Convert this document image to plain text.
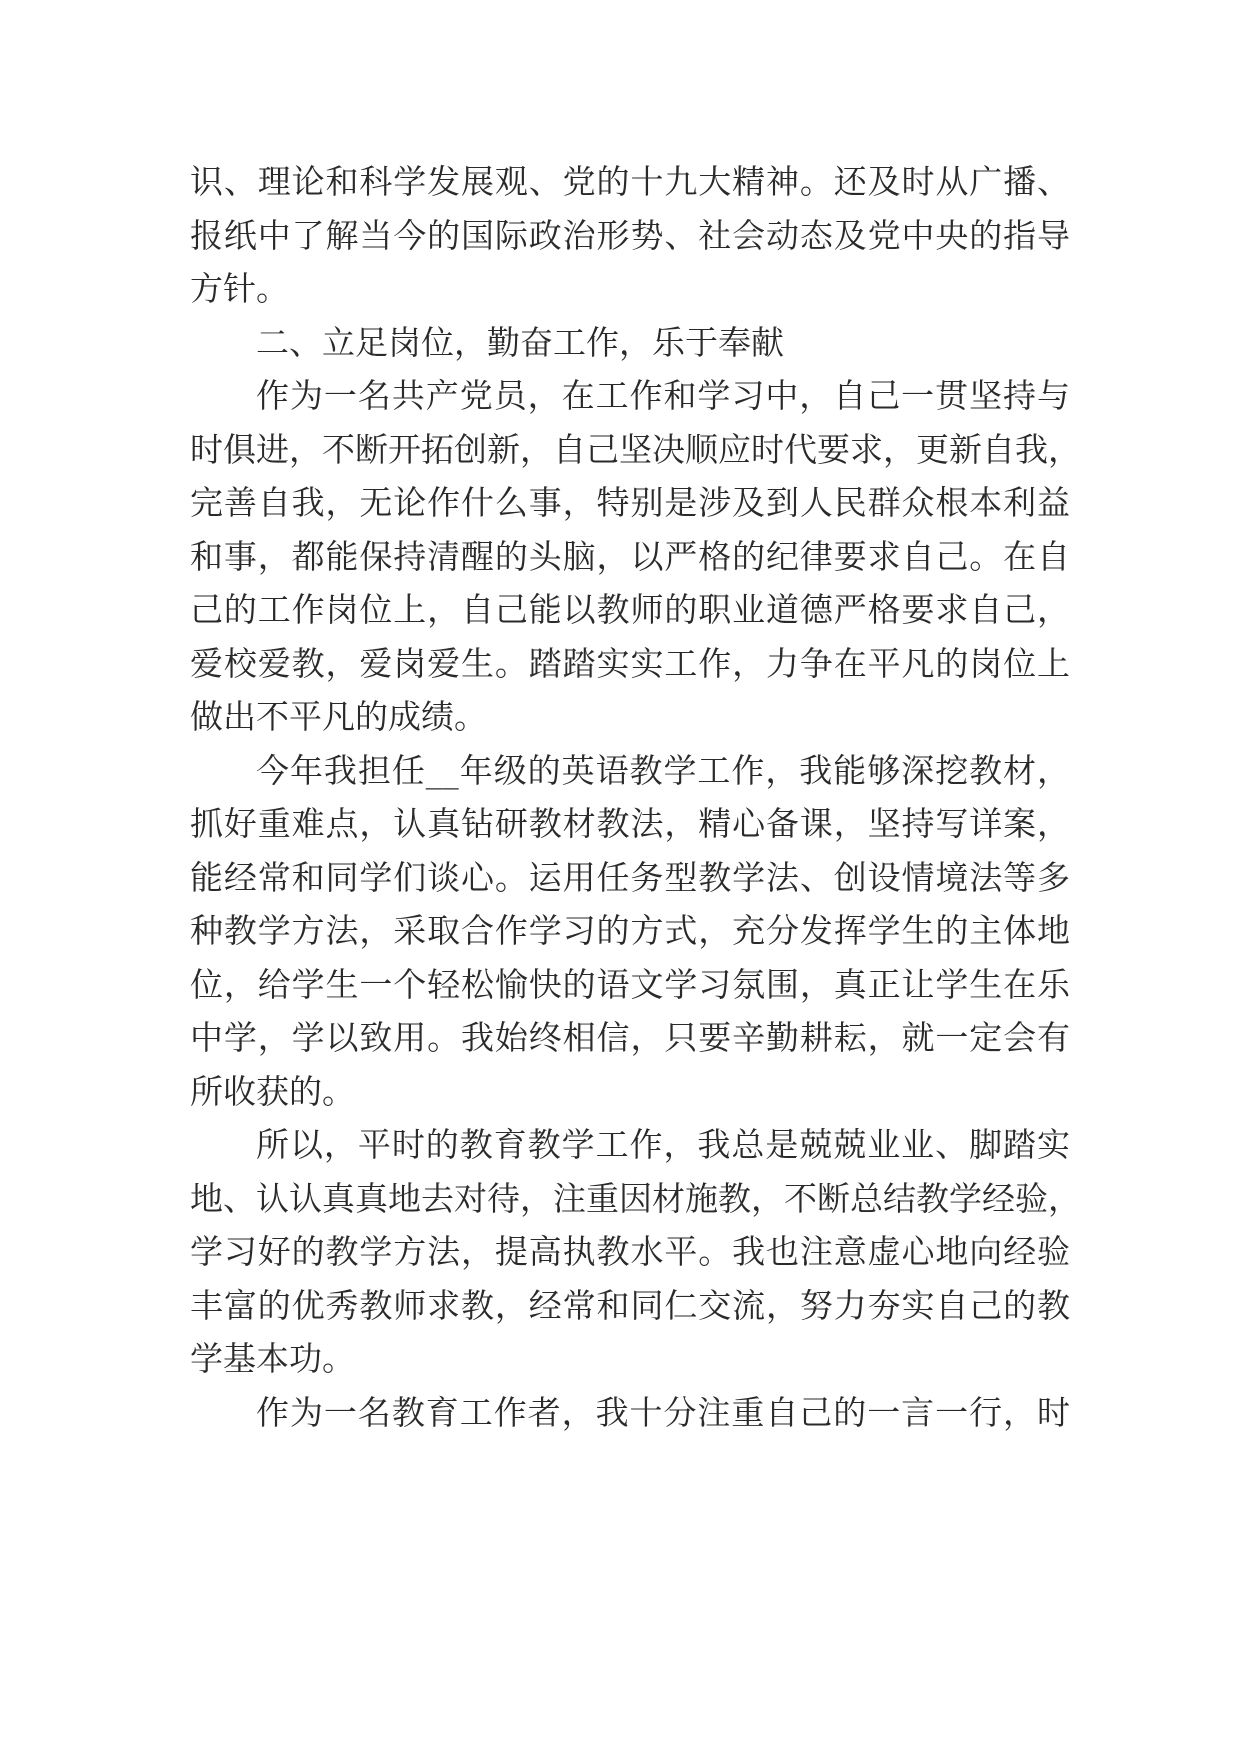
识、理论和科学发展观、党的十九大精神。还及时从广播、
报纸中了解当今的国际政治形势、社会动态及党中央的指导
方针。
二、立足岗位，勤奋工作，乐于奉献
作为一名共产党员，在工作和学习中，自己一贯坚持与
时俱进，不断开拓创新，自己坚决顺应时代要求，更新自我，
完善自我，无论作什么事，特别是涉及到人民群众根本利益
和事，都能保持清醒的头脑，以严格的纪律要求自己。在自
己的工作岗位上，自己能以教师的职业道德严格要求自己，
爱校爱教，爱岗爱生。踏踏实实工作，力争在平凡的岗位上
做出不平凡的成绩。
今年我担任__年级的英语教学工作，我能够深挖教材，
抓好重难点，认真钻研教材教法，精心备课，坚持写详案，
能经常和同学们谈心。运用任务型教学法、创设情境法等多
种教学方法，采取合作学习的方式，充分发挥学生的主体地
位，给学生一个轻松愉快的语文学习氛围，真正让学生在乐
中学，学以致用。我始终相信，只要辛勤耕耘，就一定会有
所收获的。
所以，平时的教育教学工作，我总是兢兢业业、脚踏实
地、认认真真地去对待，注重因材施教，不断总结教学经验，
学习好的教学方法，提高执教水平。我也注意虚心地向经验
丰富的优秀教师求教，经常和同仁交流，努力夯实自己的教
学基本功。
作为一名教育工作者，我十分注重自己的一言一行，时
